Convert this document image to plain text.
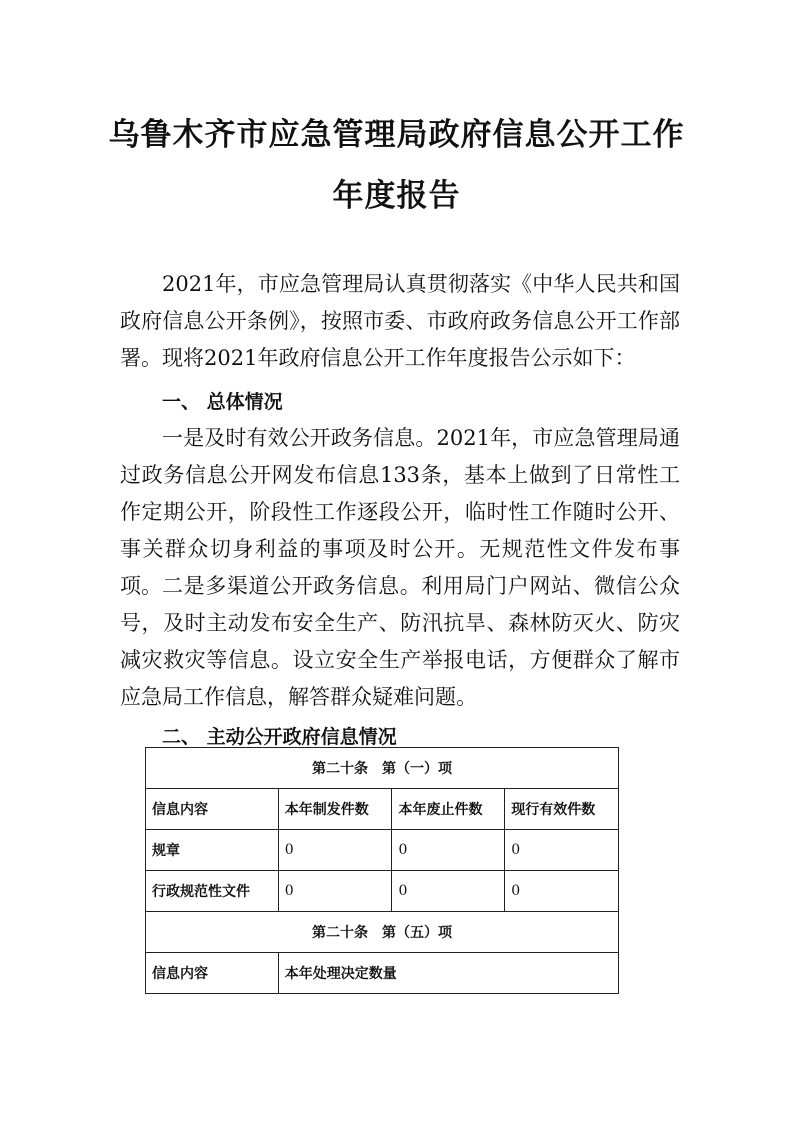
乌鲁木齐市应急管理局政府信息公开工作
年度报告

2021年，市应急管理局认真贯彻落实《中华人民共和国政府信息公开条例》，按照市委、市政府政务信息公开工作部署。现将2021年政府信息公开工作年度报告公示如下：

一、 总体情况

一是及时有效公开政务信息。2021年，市应急管理局通过政务信息公开网发布信息133条，基本上做到了日常性工作定期公开，阶段性工作逐段公开，临时性工作随时公开、事关群众切身利益的事项及时公开。无规范性文件发布事项。 二是多渠道公开政务信息。利用局门户网站、微信公众号，及时主动发布安全生产、防汛抗旱、森林防灭火、防灾减灾救灾等信息。设立安全生产举报电话，方便群众了解市应急局工作信息，解答群众疑难问题。

二、 主动公开政府信息情况
第二十条　第（一）项			
信息内容	本年制发件数	本年废止件数	现行有效件数
规章	0	0	0
行政规范性文件	0	0	0
第二十条　第（五）项			
信息内容	本年处理决定数量		
